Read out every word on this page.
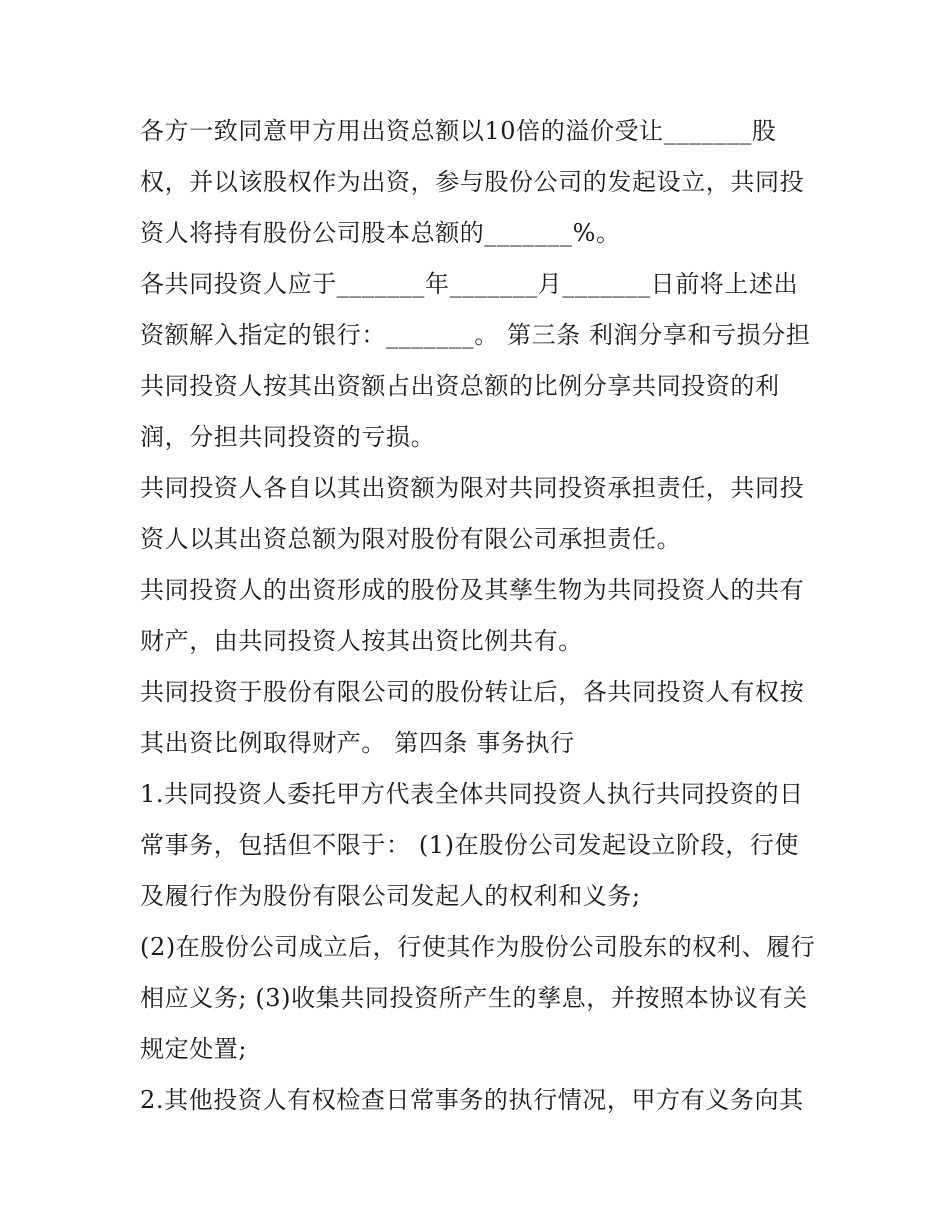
各方一致同意甲方用出资总额以10倍的溢价受让_______股权，并以该股权作为出资，参与股份公司的发起设立，共同投资人将持有股份公司股本总额的_______%。

各共同投资人应于_______年_______月_______日前将上述出资额解入指定的银行：_______。 第三条 利润分享和亏损分担 共同投资人按其出资额占出资总额的比例分享共同投资的利润，分担共同投资的亏损。

共同投资人各自以其出资额为限对共同投资承担责任，共同投资人以其出资总额为限对股份有限公司承担责任。

共同投资人的出资形成的股份及其孳生物为共同投资人的共有财产，由共同投资人按其出资比例共有。

共同投资于股份有限公司的股份转让后，各共同投资人有权按其出资比例取得财产。 第四条 事务执行

1.共同投资人委托甲方代表全体共同投资人执行共同投资的日常事务，包括但不限于： (1)在股份公司发起设立阶段，行使及履行作为股份有限公司发起人的权利和义务;

(2)在股份公司成立后，行使其作为股份公司股东的权利、履行相应义务; (3)收集共同投资所产生的孳息，并按照本协议有关规定处置;

2.其他投资人有权检查日常事务的执行情况，甲方有义务向其
